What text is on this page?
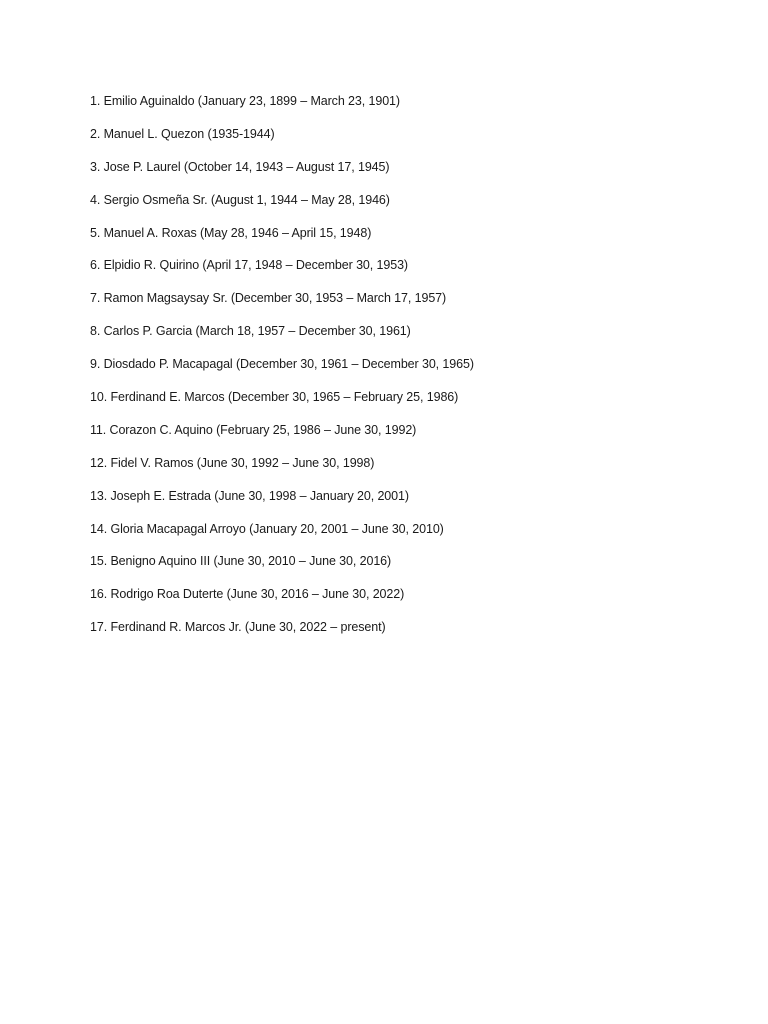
1. Emilio Aguinaldo (January 23, 1899 – March 23, 1901)
2. Manuel L. Quezon (1935-1944)
3. Jose P. Laurel (October 14, 1943 – August 17, 1945)
4. Sergio Osmeña Sr. (August 1, 1944 – May 28, 1946)
5. Manuel A. Roxas (May 28, 1946 – April 15, 1948)
6. Elpidio R. Quirino (April 17, 1948 – December 30, 1953)
7. Ramon Magsaysay Sr. (December 30, 1953 – March 17, 1957)
8. Carlos P. Garcia (March 18, 1957 – December 30, 1961)
9. Diosdado P. Macapagal (December 30, 1961 – December 30, 1965)
10. Ferdinand E. Marcos (December 30, 1965 – February 25, 1986)
11. Corazon C. Aquino (February 25, 1986 – June 30, 1992)
12. Fidel V. Ramos (June 30, 1992 – June 30, 1998)
13. Joseph E. Estrada (June 30, 1998 – January 20, 2001)
14. Gloria Macapagal Arroyo (January 20, 2001 – June 30, 2010)
15. Benigno Aquino III (June 30, 2010 – June 30, 2016)
16. Rodrigo Roa Duterte (June 30, 2016 – June 30, 2022)
17. Ferdinand R. Marcos Jr. (June 30, 2022 – present)
